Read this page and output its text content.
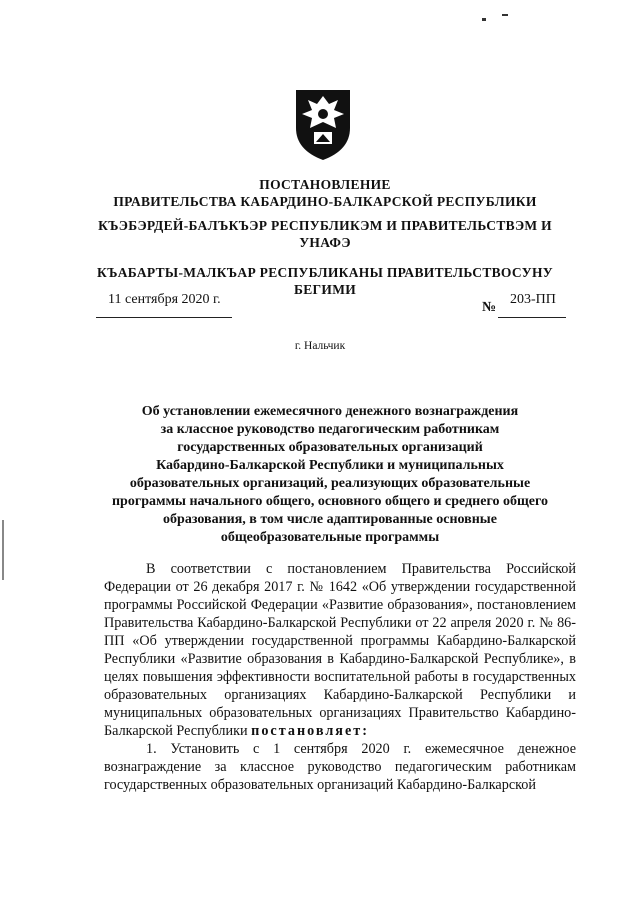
ПОСТАНОВЛЕНИЕ
ПРАВИТЕЛЬСТВА КАБАРДИНО-БАЛКАРСКОЙ РЕСПУБЛИКИ
КЪЭБЭРДЕЙ-БАЛЪКЪЭР РЕСПУБЛИКЭМ И ПРАВИТЕЛЬСТВЭМ И
УНАФЭ
КЪАБАРТЫ-МАЛКЪАР РЕСПУБЛИКАНЫ ПРАВИТЕЛЬСТВОСУНУ
БЕГИМИ
11 сентября 2020 г.
№
203-ПП
г. Нальчик
Об установлении ежемесячного денежного вознаграждения
за классное руководство педагогическим работникам
государственных образовательных организаций
Кабардино-Балкарской Республики и муниципальных
образовательных организаций, реализующих образовательные
программы начального общего, основного общего и среднего общего
образования, в том числе адаптированные основные
общеобразовательные программы

В соответствии с постановлением Правительства Российской Федерации от 26 декабря 2017 г. № 1642 «Об утверждении государственной программы Российской Федерации «Развитие образования», постановлением Правительства Кабардино-Балкарской Республики от 22 апреля 2020 г. № 86-ПП «Об утверждении государственной программы Кабардино-Балкарской Республики «Развитие образования в Кабардино-Балкарской Республике», в целях повышения эффективности воспитательной работы в государственных образовательных организациях Кабардино-Балкарской Республики и муниципальных образовательных организациях Правительство Кабардино-Балкарской Республики постановляет:

1. Установить с 1 сентября 2020 г. ежемесячное денежное вознаграждение за классное руководство педагогическим работникам государственных образовательных организаций Кабардино-Балкарской
